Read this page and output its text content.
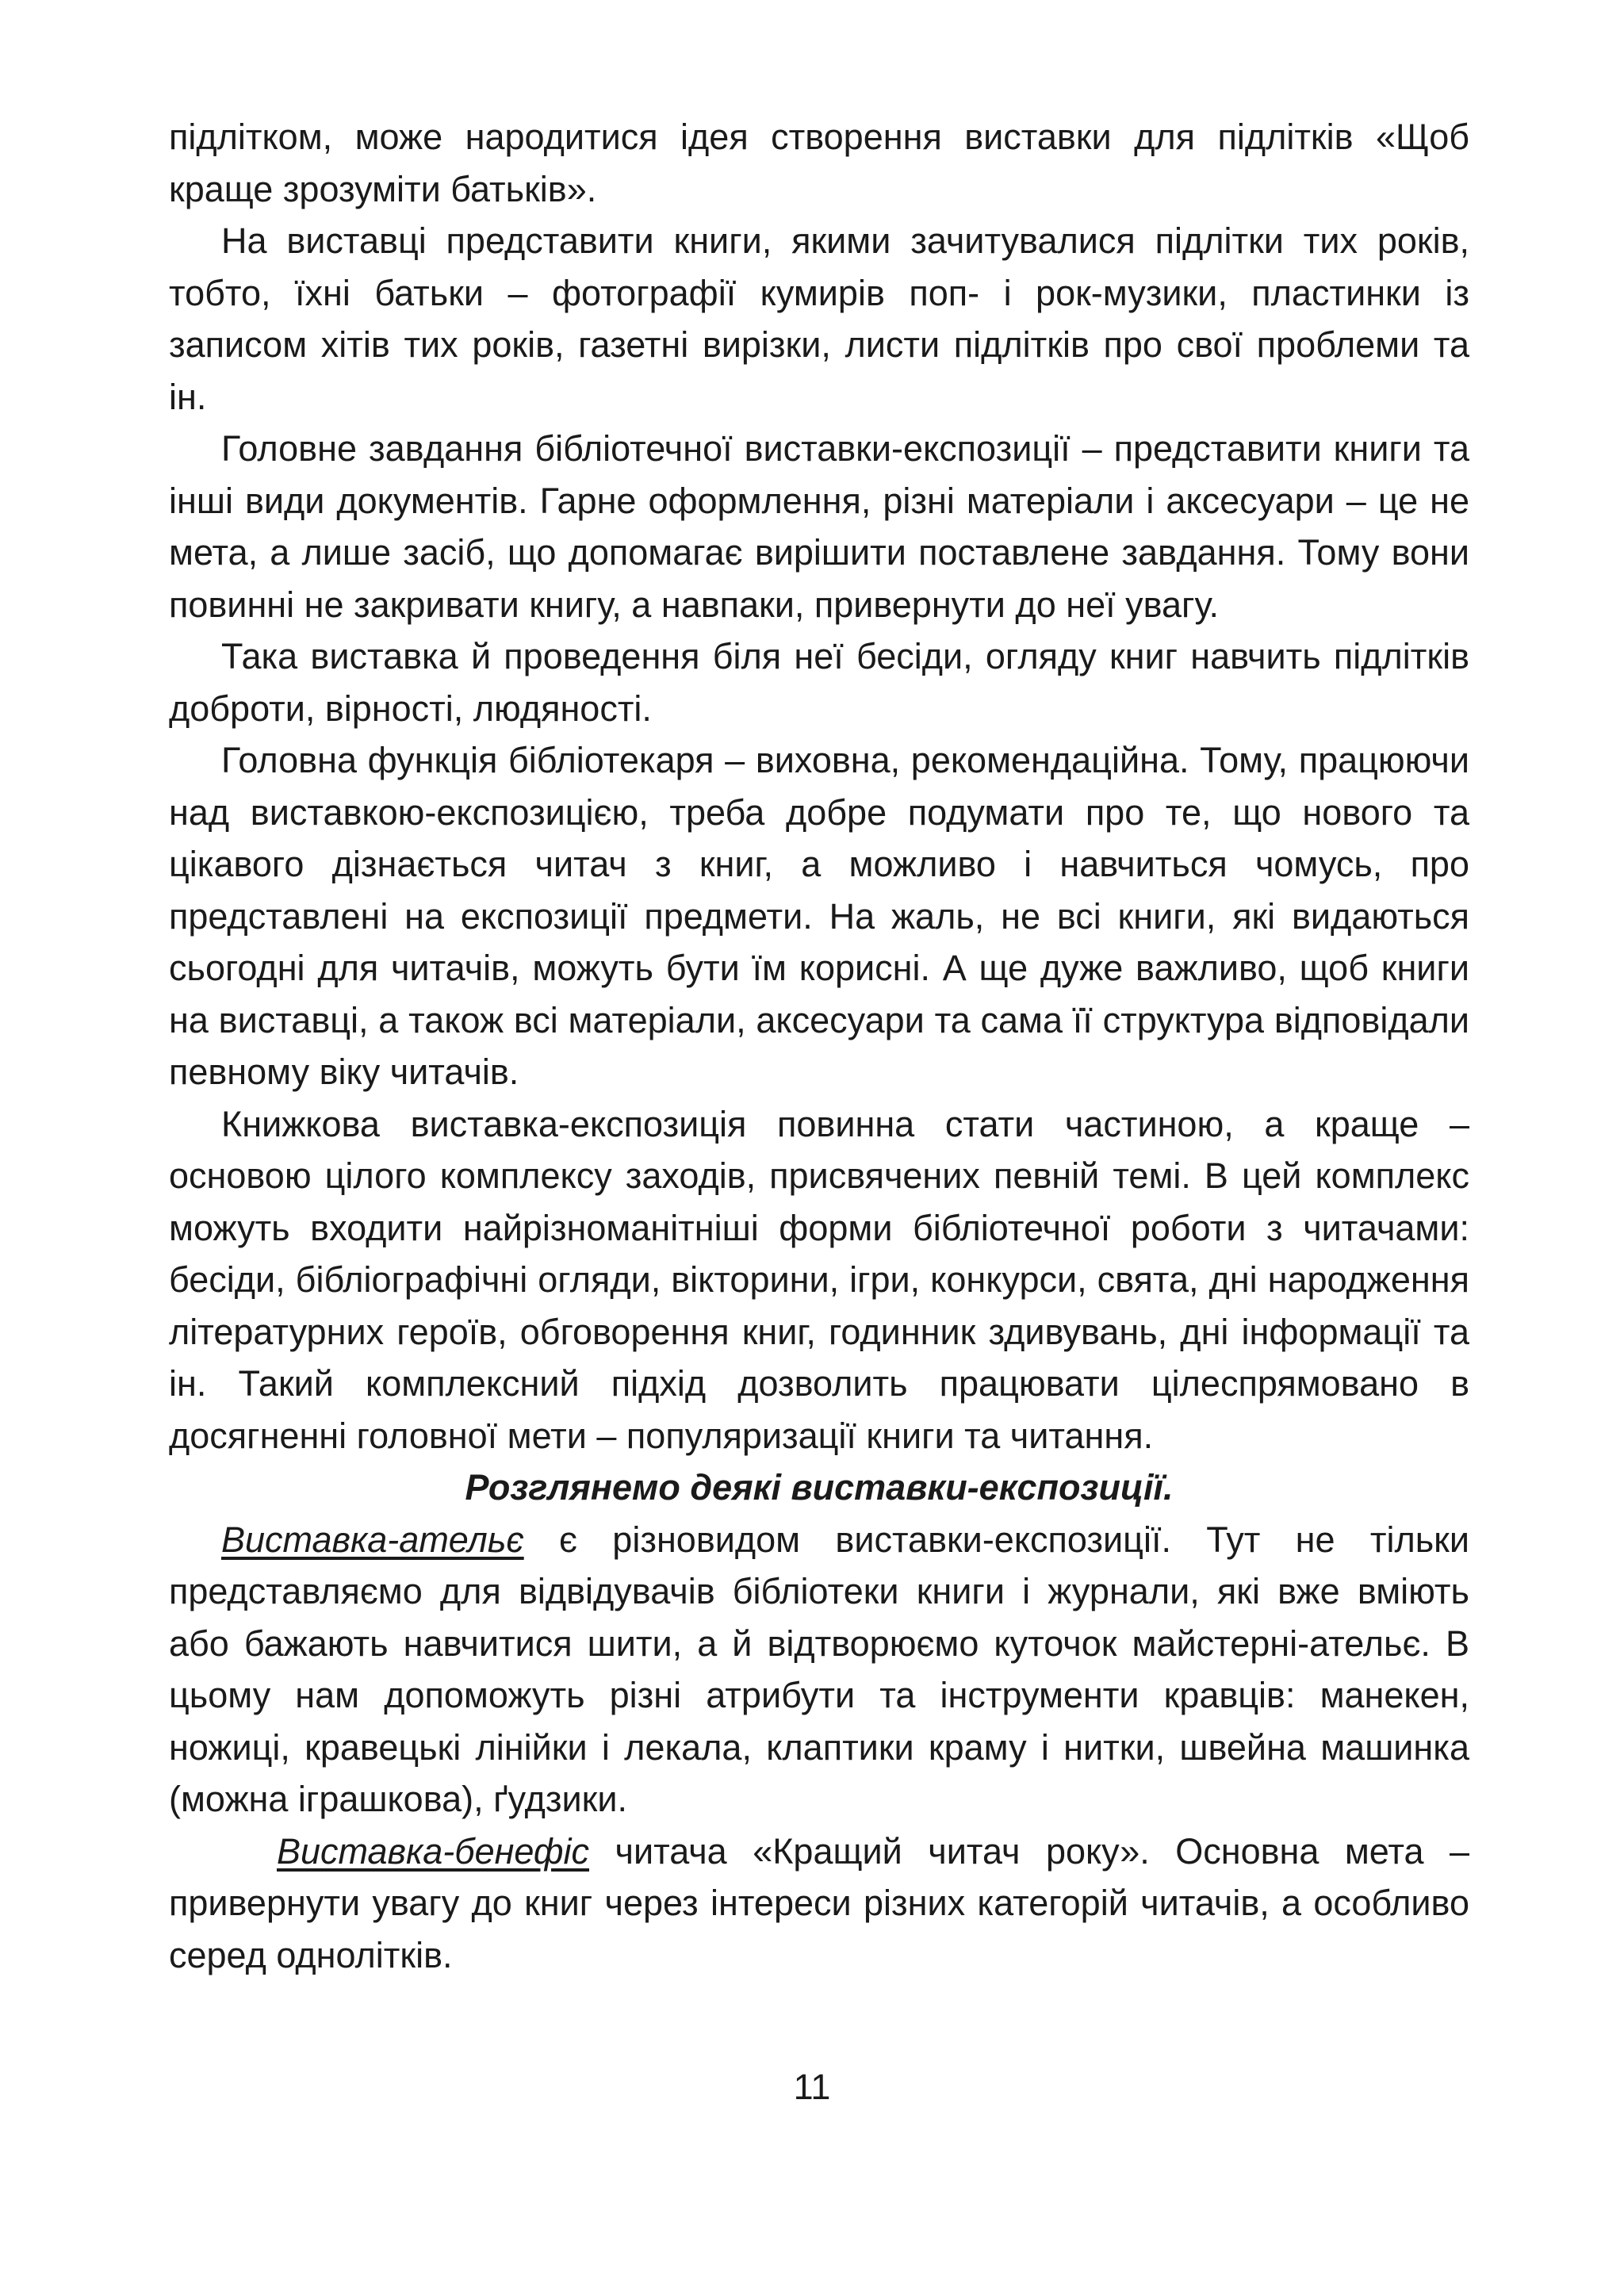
підлітком, може народитися ідея створення виставки для підлітків «Щоб краще зрозуміти батьків».

На виставці представити книги, якими зачитувалися підлітки тих років, тобто, їхні батьки – фотографії кумирів поп- і рок-музики, пластинки із записом хітів тих років, газетні вирізки, листи підлітків про свої проблеми та ін.

Головне завдання бібліотечної виставки-експозиції – представити книги та інші види документів. Гарне оформлення, різні матеріали і аксесуари – це не мета, а лише засіб, що допомагає вирішити поставлене завдання. Тому вони повинні не закривати книгу, а навпаки, привернути до неї увагу.

Така виставка й проведення біля неї бесіди, огляду книг навчить підлітків доброти, вірності, людяності.

Головна функція бібліотекаря – виховна, рекомендаційна. Тому, працюючи над виставкою-експозицією, треба добре подумати про те, що нового та цікавого дізнається читач з книг, а можливо і навчиться чомусь, про представлені на експозиції предмети. На жаль, не всі книги, які видаються сьогодні для читачів, можуть бути їм корисні. А ще дуже важливо, щоб книги на виставці, а також всі матеріали, аксесуари та сама її структура відповідали певному віку читачів.

Книжкова виставка-експозиція повинна стати частиною, а краще – основою цілого комплексу заходів, присвячених певній темі. В цей комплекс можуть входити найрізноманітніші форми бібліотечної роботи з читачами: бесіди, бібліографічні огляди, вікторини, ігри, конкурси, свята, дні народження літературних героїв, обговорення книг, годинник здивувань, дні інформації та ін. Такий комплексний підхід дозволить працювати цілеспрямовано в досягненні головної мети – популяризації книги та читання.

Розглянемо деякі виставки-експозиції.

Виставка-ательє є різновидом виставки-експозиції. Тут не тільки представляємо для відвідувачів бібліотеки книги і журнали, які вже вміють або бажають навчитися шити, а й відтворюємо куточок майстерні-ательє. В цьому нам допоможуть різні атрибути та інструменти кравців: манекен, ножиці, кравецькі лінійки і лекала, клаптики краму і нитки, швейна машинка (можна іграшкова), ґудзики.

Виставка-бенефіс читача «Кращий читач року». Основна мета – привернути увагу до книг через інтереси різних категорій читачів, а особливо серед однолітків.

11
